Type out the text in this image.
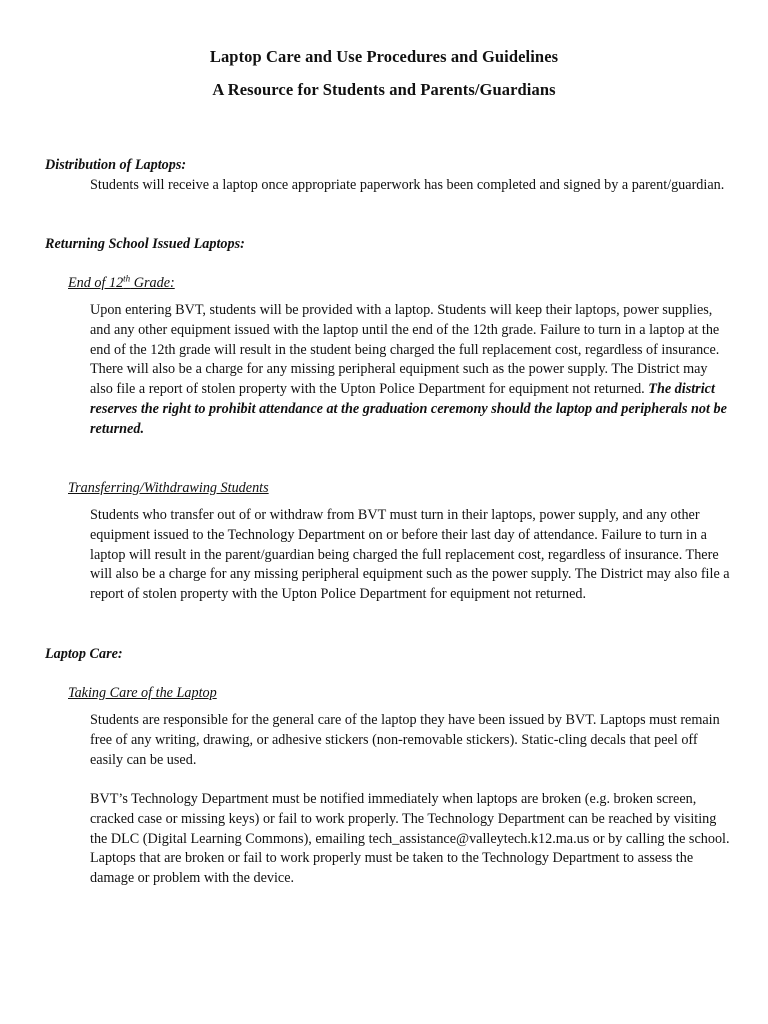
Laptop Care and Use Procedures and Guidelines
A Resource for Students and Parents/Guardians
Distribution of Laptops:
Students will receive a laptop once appropriate paperwork has been completed and signed by a parent/guardian.
Returning School Issued Laptops:
End of 12th Grade:
Upon entering BVT, students will be provided with a laptop. Students will keep their laptops, power supplies, and any other equipment issued with the laptop until the end of the 12th grade. Failure to turn in a laptop at the end of the 12th grade will result in the student being charged the full replacement cost, regardless of insurance. There will also be a charge for any missing peripheral equipment such as the power supply. The District may also file a report of stolen property with the Upton Police Department for equipment not returned. The district reserves the right to prohibit attendance at the graduation ceremony should the laptop and peripherals not be returned.
Transferring/Withdrawing Students
Students who transfer out of or withdraw from BVT must turn in their laptops, power supply, and any other equipment issued to the Technology Department on or before their last day of attendance. Failure to turn in a laptop will result in the parent/guardian being charged the full replacement cost, regardless of insurance. There will also be a charge for any missing peripheral equipment such as the power supply. The District may also file a report of stolen property with the Upton Police Department for equipment not returned.
Laptop Care:
Taking Care of the Laptop
Students are responsible for the general care of the laptop they have been issued by BVT. Laptops must remain free of any writing, drawing, or adhesive stickers (non-removable stickers). Static-cling decals that peel off easily can be used.
BVT’s Technology Department must be notified immediately when laptops are broken (e.g. broken screen, cracked case or missing keys) or fail to work properly. The Technology Department can be reached by visiting the DLC (Digital Learning Commons), emailing tech_assistance@valleytech.k12.ma.us or by calling the school. Laptops that are broken or fail to work properly must be taken to the Technology Department to assess the damage or problem with the device.
